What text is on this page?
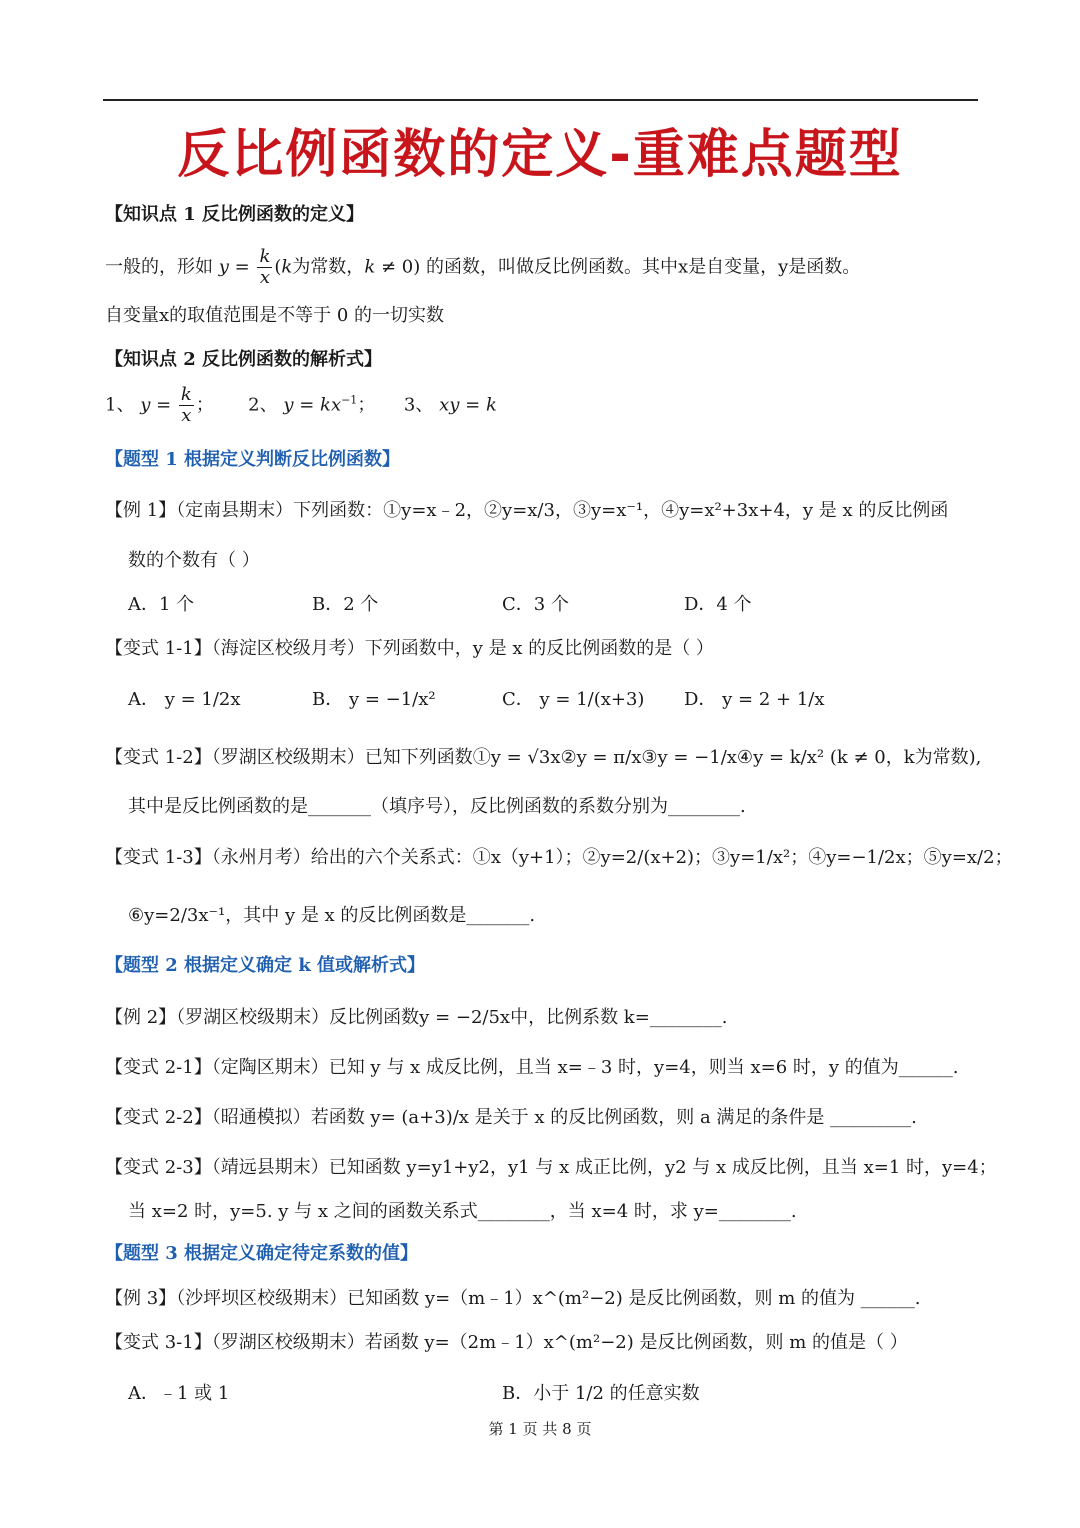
反比例函数的定义-重难点题型
【知识点 1 反比例函数的定义】
一般的，形如 $y = \frac{k}{x} (k$为常数，k ≠ 0) 的函数，叫做反比例函数。其中x是自变量，y是函数。
自变量x的取值范围是不等于 0 的一切实数
【知识点 2 反比例函数的解析式】
1、 $y = \frac{k}{x}$ ；      2、 $y = kx^{-1}$；     3、 xy = k
【题型 1 根据定义判断反比例函数】
【例 1】（定南县期末）下列函数：①y=x﹣2，②y=x/3，③y=x⁻¹，④y=x²+3x+4，y 是 x 的反比例函
数的个数有（ ）
A．1 个	B．2 个	C．3 个	D．4 个
【变式 1-1】（海淀区校级月考）下列函数中，y 是 x 的反比例函数的是（ ）
A． y = 1/2x	B． y = −1/x²	C． y = 1/(x+3) D． y = 2 + 1/x
【变式 1-2】（罗湖区校级期末）已知下列函数①y = √3x②y = π/x③y = −1/x④y = k/x² (k ≠ 0，k为常数),
其中是反比例函数的是_______（填序号），反比例函数的系数分别为________.
【变式 1-3】（永州月考）给出的六个关系式：①x（y+1）；②y=2/(x+2)；③y=1/x²；④y=−1/2x；⑤y=x/2；
⑥y=2/3x⁻¹，其中 y 是 x 的反比例函数是_______.
【题型 2 根据定义确定 k 值或解析式】
【例 2】（罗湖区校级期末）反比例函数y = −2/5x中，比例系数 k=________.
【变式 2-1】（定陶区期末）已知 y 与 x 成反比例，且当 x=﹣3 时，y=4，则当 x=6 时，y 的值为______.
【变式 2-2】（昭通模拟）若函数 y= (a+3)/x 是关于 x 的反比例函数，则 a 满足的条件是 _________.
【变式 2-3】（靖远县期末）已知函数 y=y1+y2，y1 与 x 成正比例，y2 与 x 成反比例，且当 x=1 时，y=4；
当 x=2 时，y=5. y 与 x 之间的函数关系式________，当 x=4 时，求 y=________.
【题型 3 根据定义确定待定系数的值】
【例 3】（沙坪坝区校级期末）已知函数 y=（m﹣1）x^(m²−2) 是反比例函数，则 m 的值为 ______.
【变式 3-1】（罗湖区校级期末）若函数 y=（2m﹣1）x^(m²−2) 是反比例函数，则 m 的值是（ ）
A．﹣1 或 1	B．小于 1/2 的任意实数
第 1 页 共 8 页
